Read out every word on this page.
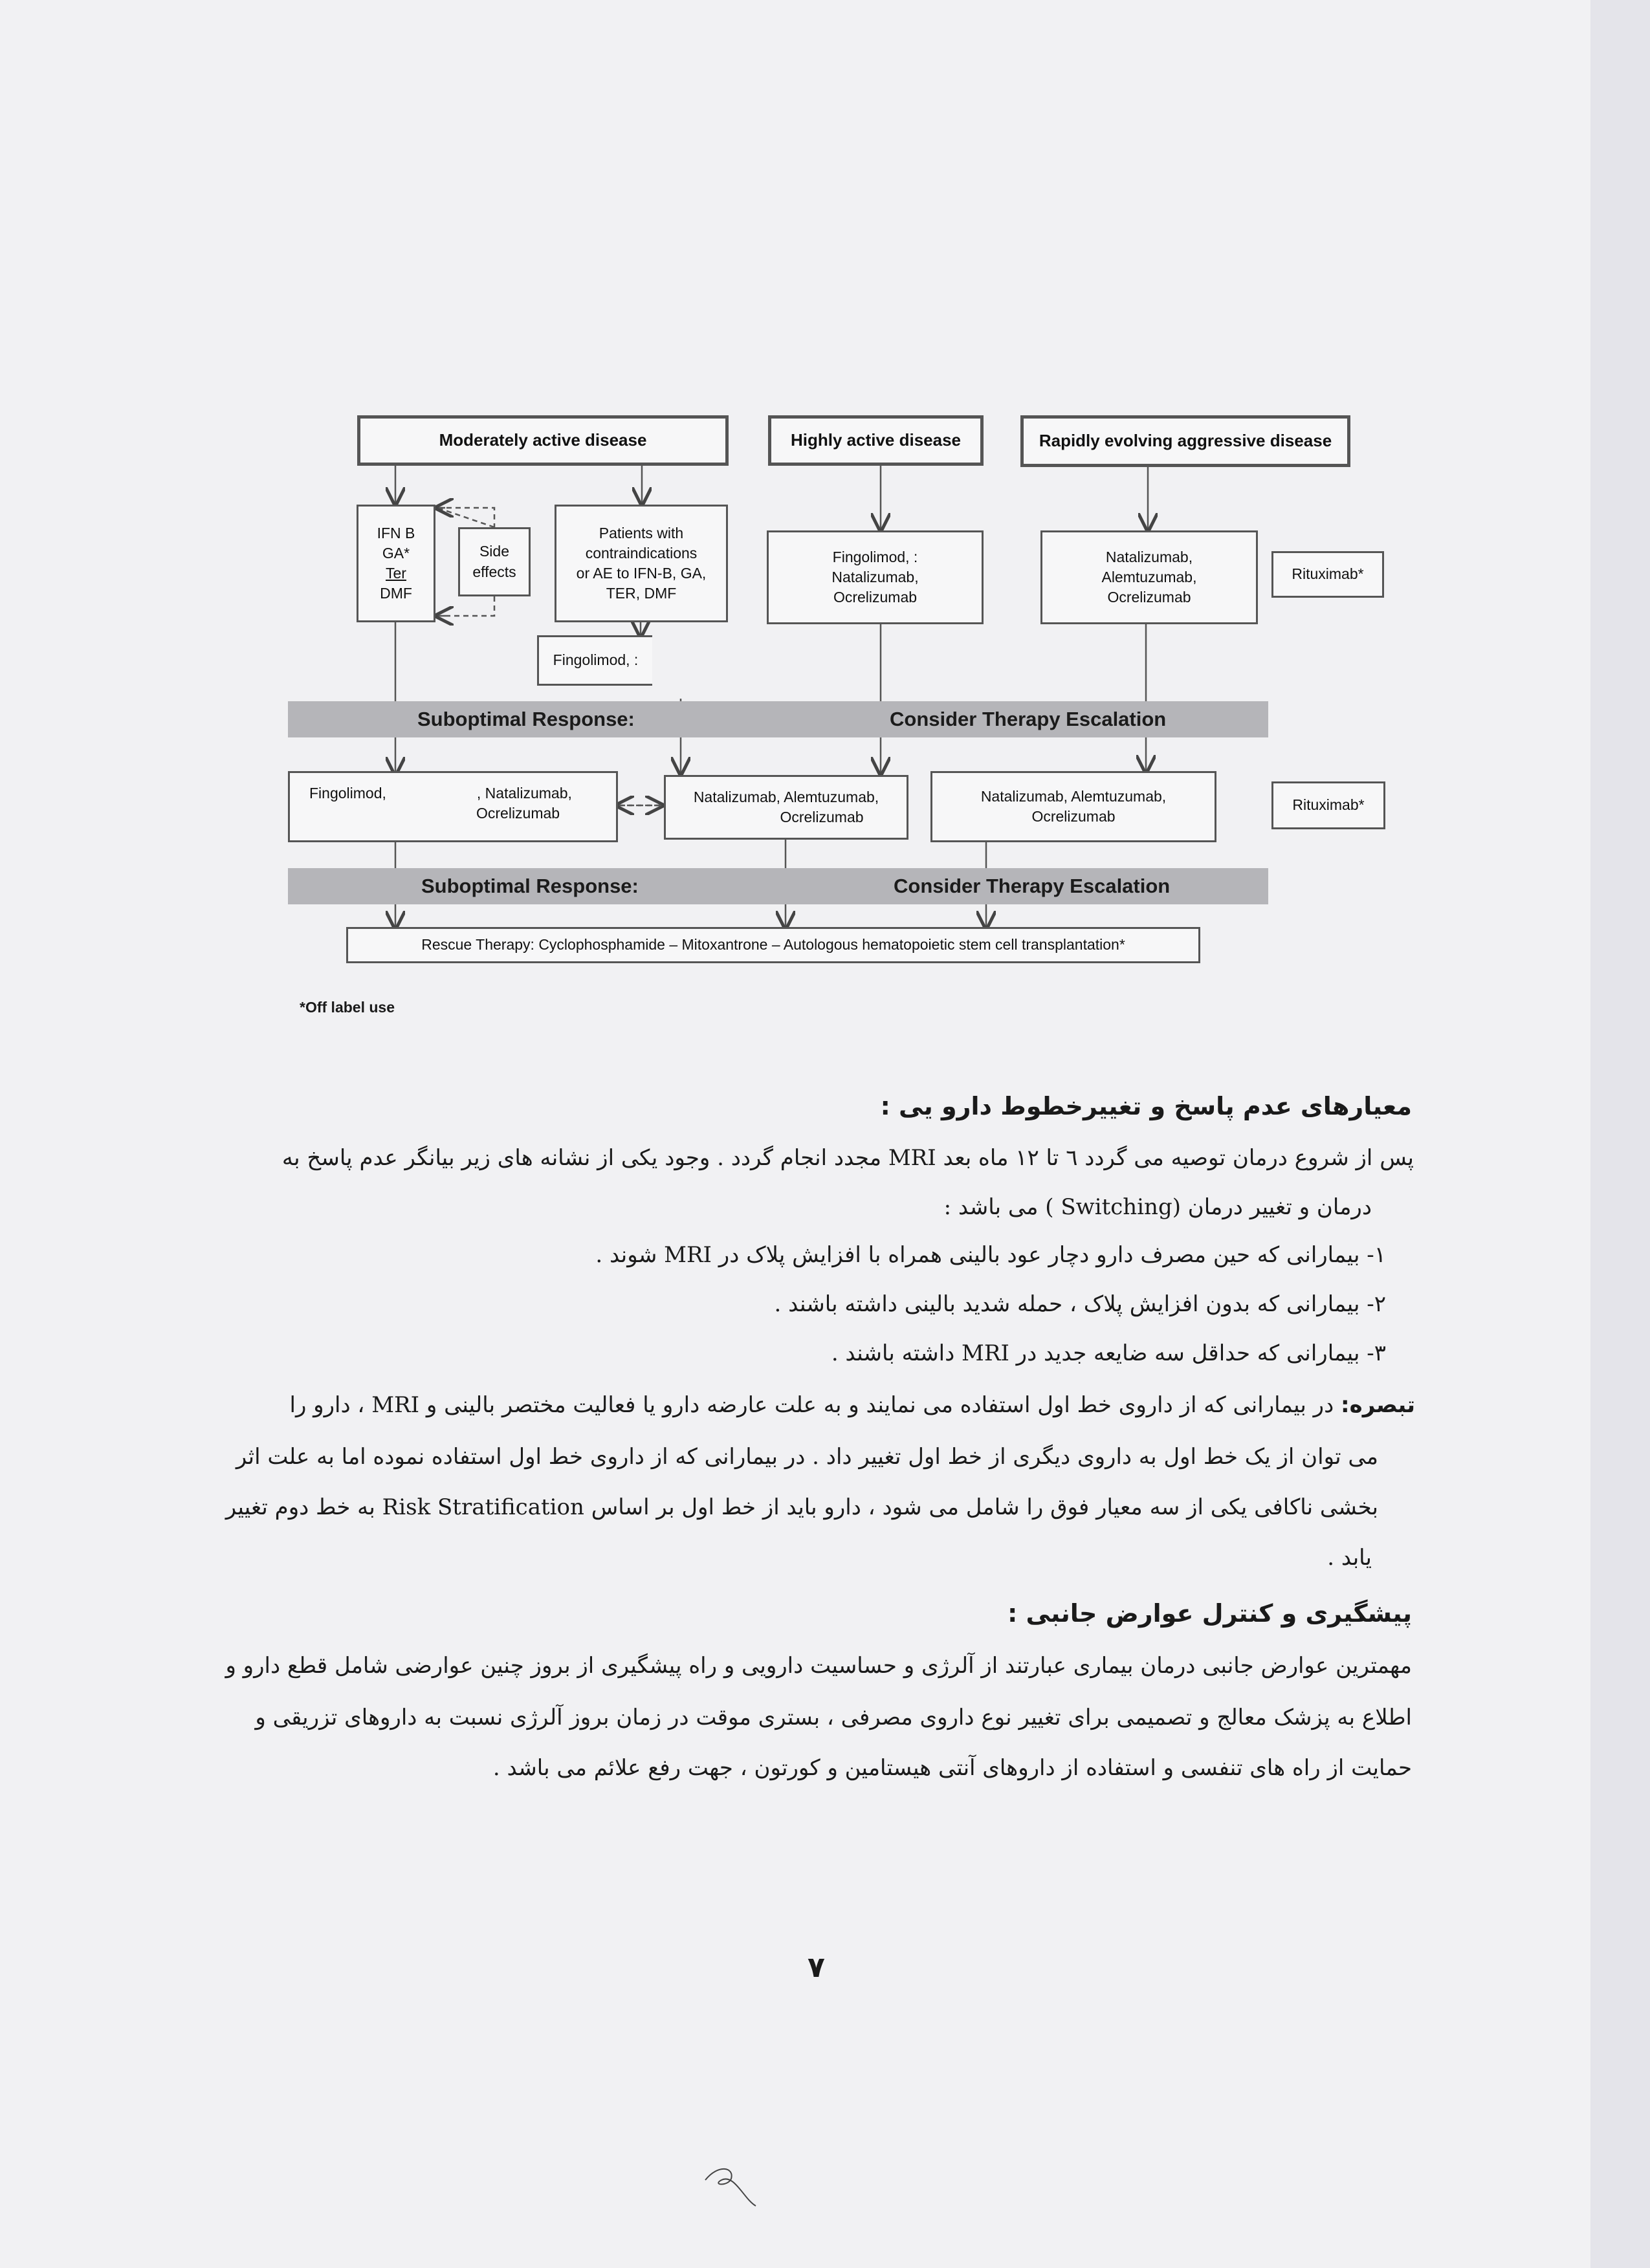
Moderately active disease	Highly active disease	Rapidly evolving aggressive disease
IFN B
GA*
Ter
DMF
Side
effects
Patients with
contraindications
or AE to IFN-B, GA,
TER, DMF
Fingolimod, :
Fingolimod, :
Natalizumab,
Ocrelizumab
Natalizumab,
Alemtuzumab,
Ocrelizumab
Rituximab*
Suboptimal Response:	Consider Therapy Escalation
Fingolimod,	, Natalizumab,
Ocrelizumab
Natalizumab, Alemtuzumab,
Ocrelizumab
Natalizumab, Alemtuzumab,
Ocrelizumab
Rituximab*
Suboptimal Response:	Consider Therapy Escalation
Rescue Therapy: Cyclophosphamide – Mitoxantrone – Autologous hematopoietic stem cell transplantation*
*Off label use
معیارهای عدم پاسخ و تغییرخطوط دارو یی :
پس از شروع درمان توصیه می گردد ٦ تا ١٢ ماه بعد MRI مجدد انجام گردد . وجود یکی از نشانه های زیر بیانگر عدم پاسخ به
درمان و تغییر درمان (Switching ) می باشد :
١- بیمارانی که حین مصرف دارو دچار عود بالینی همراه با افزایش پلاک در MRI شوند .
٢- بیمارانی که بدون افزایش پلاک ، حمله شدید بالینی داشته باشند .
٣- بیمارانی که حداقل سه ضایعه جدید در MRI داشته باشند .
تبصره: در بیمارانی که از داروی خط اول استفاده می نمایند و به علت عارضه دارو یا فعالیت مختصر بالینی و MRI ، دارو را
می توان از یک خط اول به داروی دیگری از خط اول تغییر داد . در بیمارانی که از داروی خط اول استفاده نموده اما به علت اثر
بخشی ناکافی یکی از سه معیار فوق را شامل می شود ، دارو باید از خط اول بر اساس Risk Stratification به خط دوم تغییر
یابد .
پیشگیری و کنترل عوارض جانبی :
مهمترین عوارض جانبی درمان بیماری عبارتند از آلرژی و حساسیت دارویی و راه پیشگیری از بروز چنین عوارضی شامل قطع دارو و
اطلاع به پزشک معالج و تصمیمی برای تغییر نوع داروی مصرفی ، بستری موقت در زمان بروز آلرژی نسبت به داروهای تزریقی و
حمایت از راه های تنفسی و استفاده از داروهای آنتی هیستامین و کورتون ، جهت رفع علائم می باشد .
٧
